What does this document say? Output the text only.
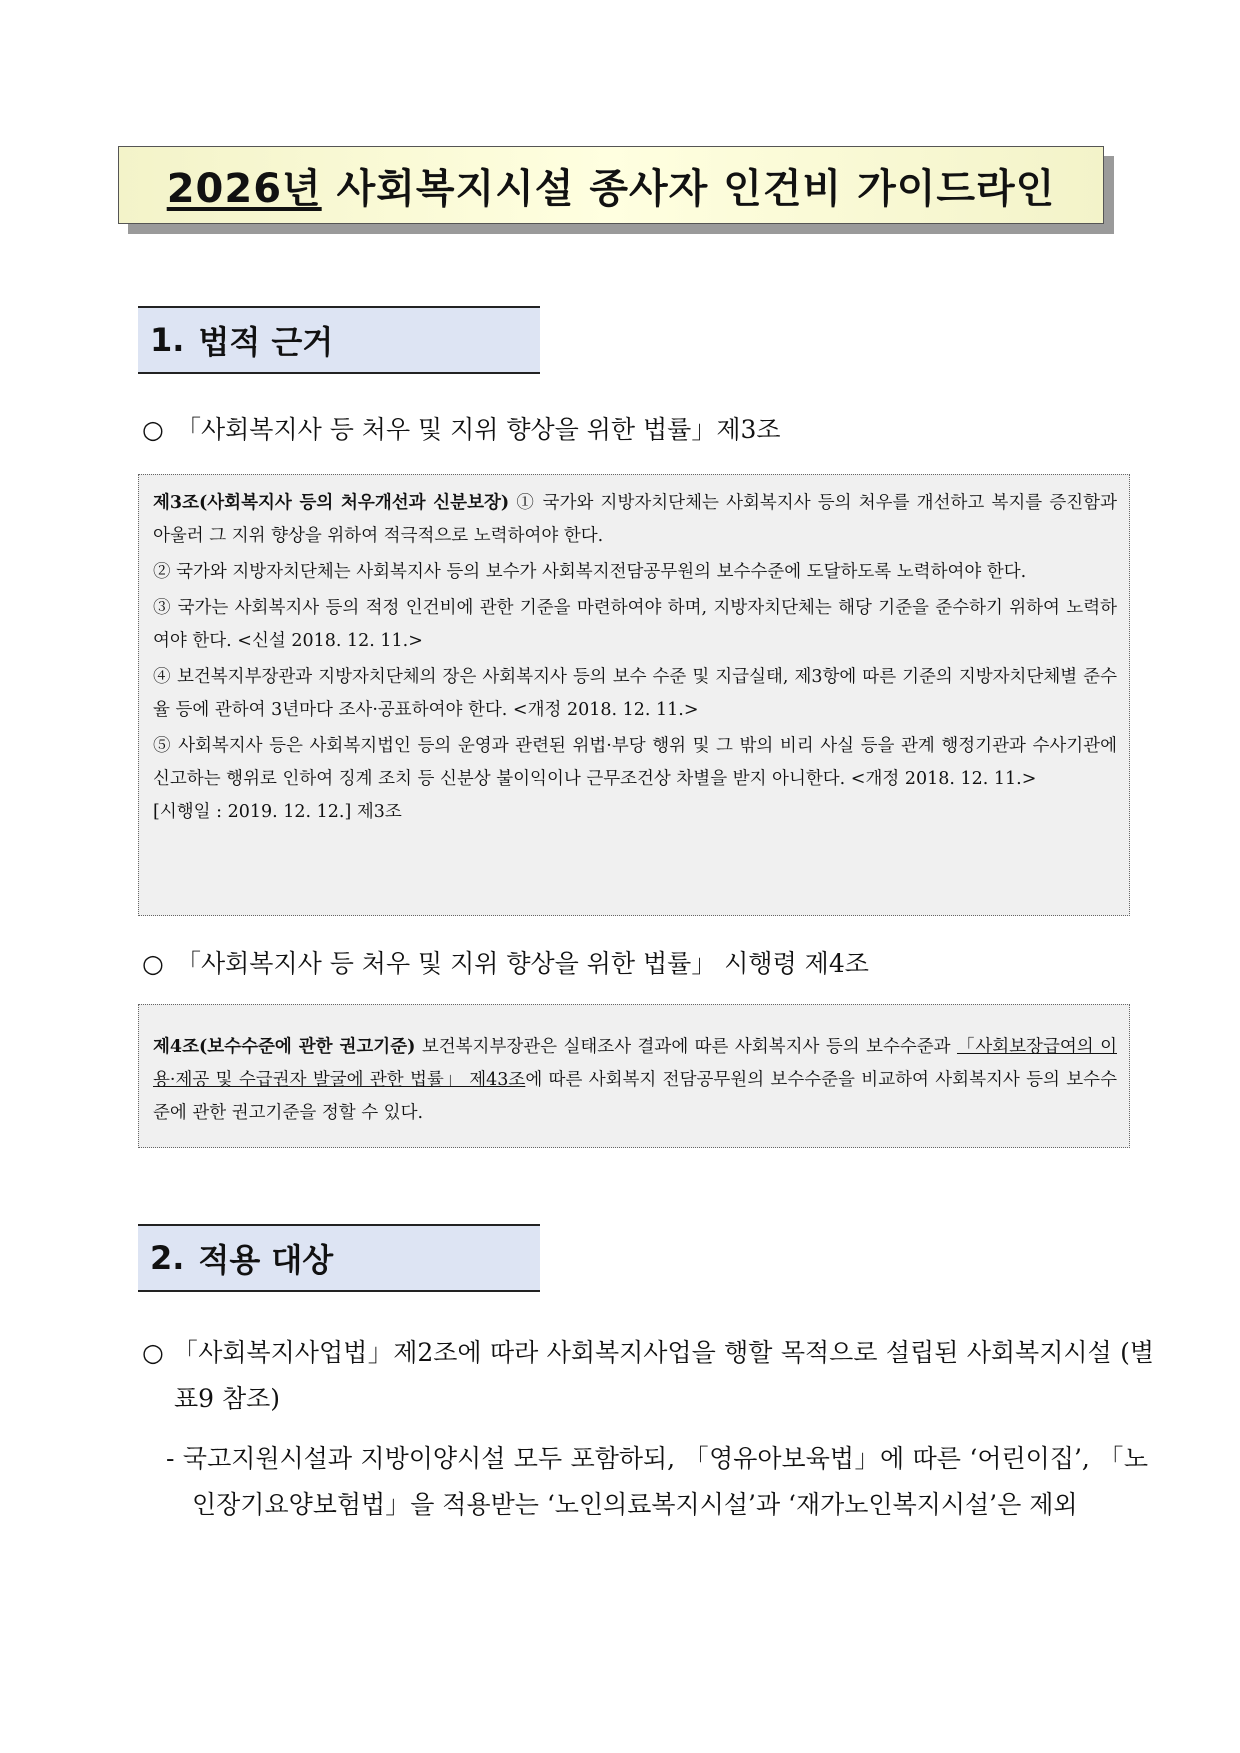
2026년 사회복지시설 종사자 인건비 가이드라인
1. 법적 근거
○ 「사회복지사 등 처우 및 지위 향상을 위한 법률」제3조

제3조(사회복지사 등의 처우개선과 신분보장) ① 국가와 지방자치단체는 사회복지사 등의 처우를 개선하고 복지를 증진함과 아울러 그 지위 향상을 위하여 적극적으로 노력하여야 한다.

② 국가와 지방자치단체는 사회복지사 등의 보수가 사회복지전담공무원의 보수수준에 도달하도록 노력하여야 한다.

③ 국가는 사회복지사 등의 적정 인건비에 관한 기준을 마련하여야 하며, 지방자치단체는 해당 기준을 준수하기 위하여 노력하여야 한다. <신설 2018. 12. 11.>

④ 보건복지부장관과 지방자치단체의 장은 사회복지사 등의 보수 수준 및 지급실태, 제3항에 따른 기준의 지방자치단체별 준수율 등에 관하여 3년마다 조사·공표하여야 한다. <개정 2018. 12. 11.>

⑤ 사회복지사 등은 사회복지법인 등의 운영과 관련된 위법·부당 행위 및 그 밖의 비리 사실 등을 관계 행정기관과 수사기관에 신고하는 행위로 인하여 징계 조치 등 신분상 불이익이나 근무조건상 차별을 받지 아니한다. <개정 2018. 12. 11.>
[시행일 : 2019. 12. 12.] 제3조

○ 「사회복지사 등 처우 및 지위 향상을 위한 법률」 시행령 제4조

제4조(보수수준에 관한 권고기준) 보건복지부장관은 실태조사 결과에 따른 사회복지사 등의 보수수준과 「사회보장급여의 이용·제공 및 수급권자 발굴에 관한 법률」 제43조에 따른 사회복지 전담공무원의 보수수준을 비교하여 사회복지사 등의 보수수준에 관한 권고기준을 정할 수 있다.

2. 적용 대상
○ 「사회복지사업법」제2조에 따라 사회복지사업을 행할 목적으로 설립된 사회복지시설 (별표9 참조)
- 국고지원시설과 지방이양시설 모두 포함하되, 「영유아보육법」에 따른 ‘어린이집’, 「노인장기요양보험법」을 적용받는 ‘노인의료복지시설’과 ‘재가노인복지시설’은 제외
